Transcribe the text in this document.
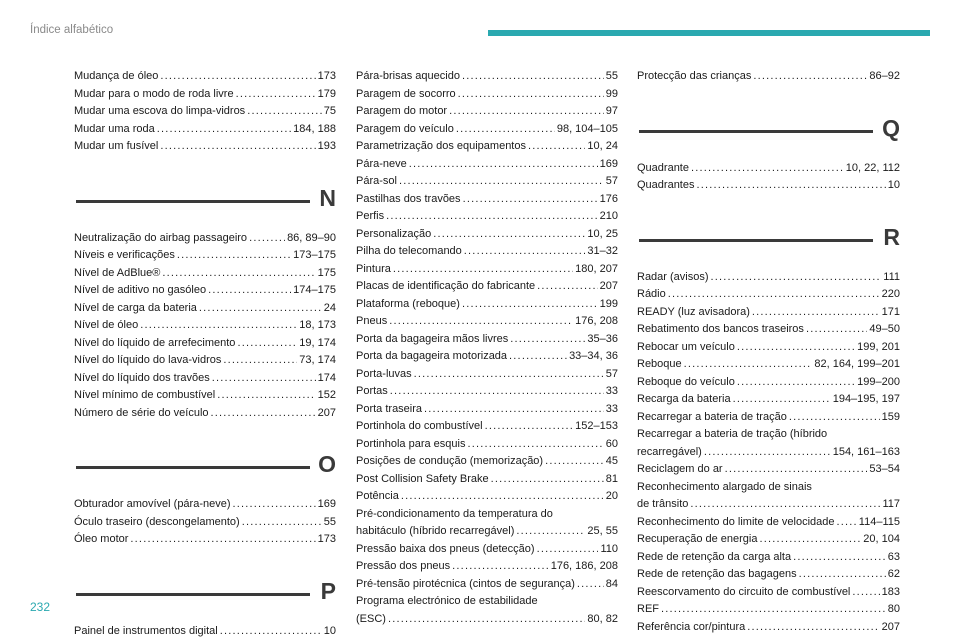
Índice alfabético
Mudança de óleo .....	173
Mudar para o modo de roda livre .....	179
Mudar uma escova do limpa-vidros .....	75
Mudar uma roda .....	184, 188
Mudar um fusível .....	193
N
Neutralização do airbag passageiro .....	86, 89–90
Níveis e verificações .....	173–175
Nível de AdBlue® .....	175
Nível de aditivo no gasóleo .....	174–175
Nível de carga da bateria .....	24
Nível de óleo .....	18, 173
Nível do líquido de arrefecimento .....	19, 174
Nível do líquido do lava-vidros .....	73, 174
Nível do líquido dos travões .....	174
Nível mínimo de combustível .....	152
Número de série do veículo .....	207
O
Obturador amovível (pára-neve) .....	169
Óculo traseiro (descongelamento) .....	55
Óleo motor .....	173
P
Painel de instrumentos digital .....	10
Pára-brisas aquecido .....	55
Paragem de socorro .....	99
Paragem do motor .....	97
Paragem do veículo .....	98, 104–105
Parametrização dos equipamentos .....	10, 24
Pára-neve .....	169
Pára-sol .....	57
Pastilhas dos travões .....	176
Perfis .....	210
Personalização .....	10, 25
Pilha do telecomando .....	31–32
Pintura .....	180, 207
Placas de identificação do fabricante .....	207
Plataforma (reboque) .....	199
Pneus .....	176, 208
Porta da bagageira mãos livres .....	35–36
Porta da bagageira motorizada .....	33–34, 36
Porta-luvas .....	57
Portas .....	33
Porta traseira .....	33
Portinhola do combustível .....	152–153
Portinhola para esquis .....	60
Posições de condução (memorização) .....	45
Post Collision Safety Brake .....	81
Potência .....	20
Pré-condicionamento da temperatura do
habitáculo (híbrido recarregável) .....	25, 55
Pressão baixa dos pneus (detecção) .....	110
Pressão dos pneus .....	176, 186, 208
Pré-tensão pirotécnica (cintos de segurança) .....	84
Programa electrónico de estabilidade
(ESC) .....	80, 82
Protecção das crianças .....	86–92
Q
Quadrante .....	10, 22, 112
Quadrantes .....	10
R
Radar (avisos) .....	111
Rádio .....	220
READY (luz avisadora) .....	171
Rebatimento dos bancos traseiros .....	49–50
Rebocar um veículo .....	199, 201
Reboque .....	82, 164, 199–201
Reboque do veículo .....	199–200
Recarga da bateria .....	194–195, 197
Recarregar a bateria de tração .....	159
Recarregar a bateria de tração (híbrido
recarregável) .....	154, 161–163
Reciclagem do ar .....	53–54
Reconhecimento alargado de sinais
de trânsito .....	117
Reconhecimento do limite de velocidade ..... 114–115
Recuperação de energia .....	20, 104
Rede de retenção da carga alta .....	63
Rede de retenção das bagagens .....	62
Reescorvamento do circuito de combustível .....	183
REF .....	80
Referência cor/pintura .....	207
232
